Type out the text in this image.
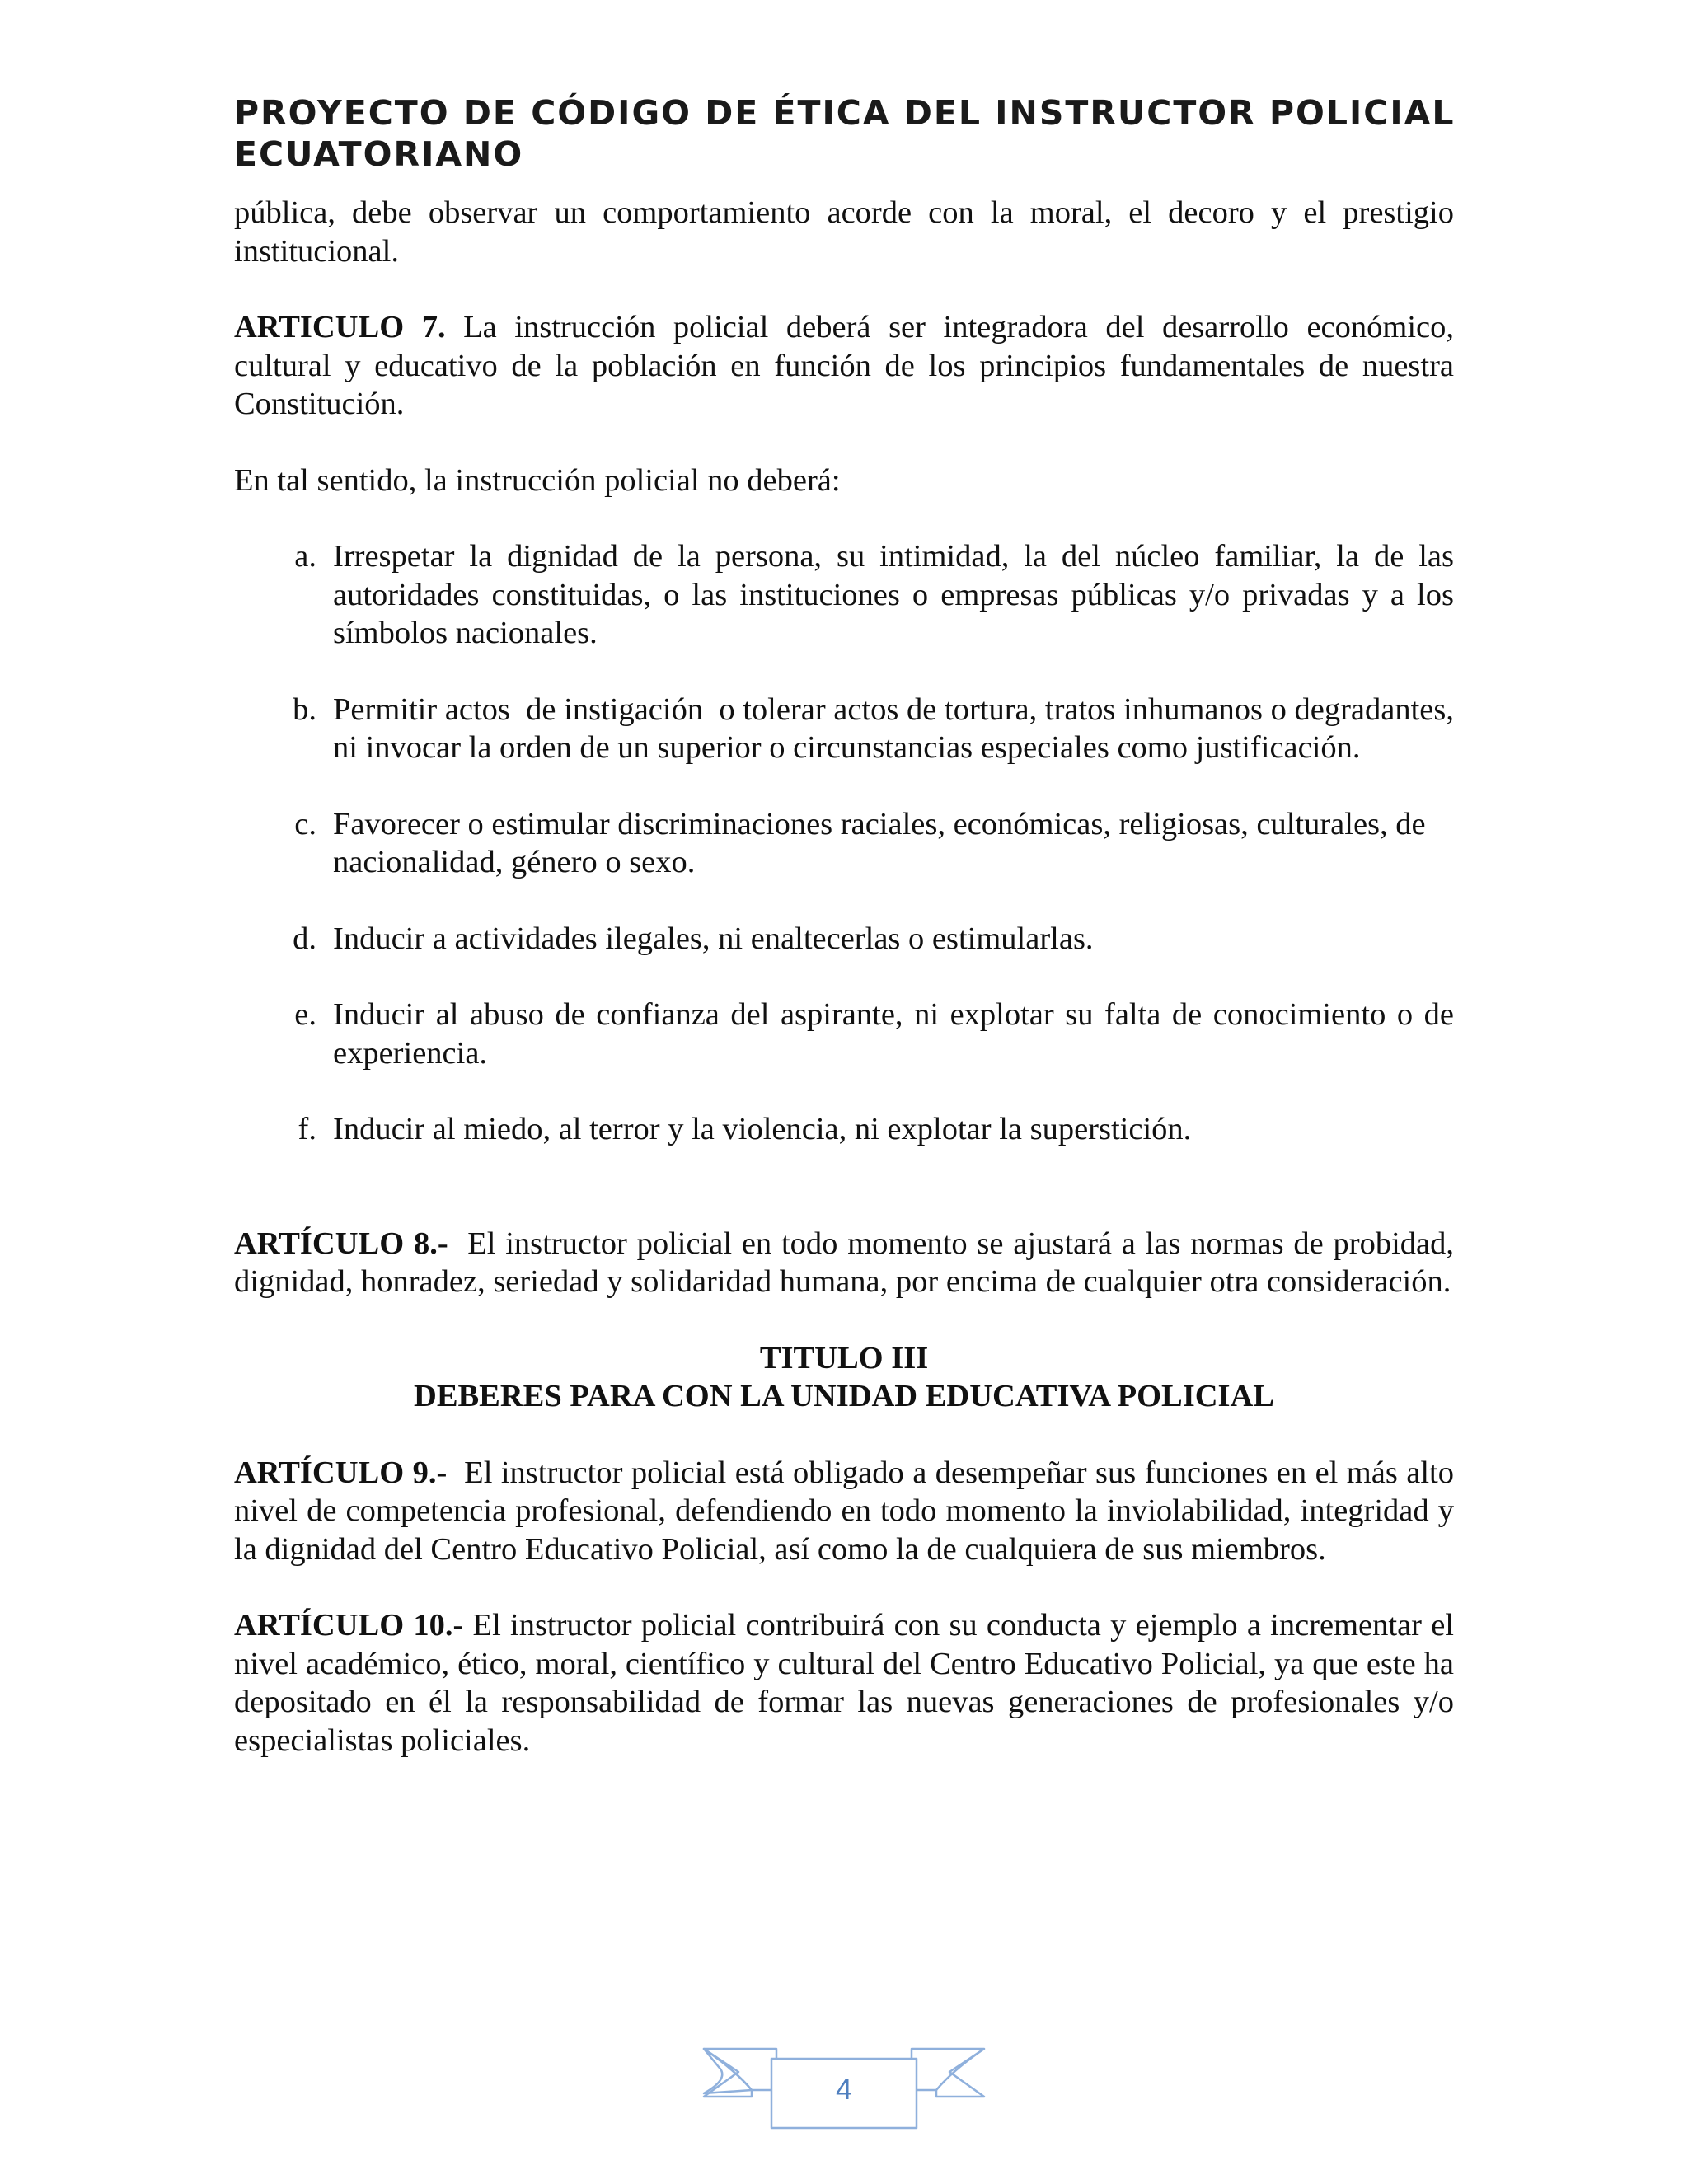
PROYECTO DE CÓDIGO DE ÉTICA DEL INSTRUCTOR POLICIAL
ECUATORIANO

pública, debe observar un comportamiento acorde con la moral, el decoro y el prestigio institucional.

ARTICULO 7. La instrucción policial deberá ser integradora del desarrollo económico, cultural y educativo de la población en función de los principios fundamentales de nuestra Constitución.

En tal sentido, la instrucción policial no deberá:

a. Irrespetar la dignidad de la persona, su intimidad, la del núcleo familiar, la de las autoridades constituidas, o las instituciones o empresas públicas y/o privadas y a los símbolos nacionales.
b. Permitir actos  de instigación  o tolerar actos de tortura, tratos inhumanos o degradantes, ni invocar la orden de un superior o circunstancias especiales como justificación.
c. Favorecer o estimular discriminaciones raciales, económicas, religiosas, culturales, de nacionalidad, género o sexo.
d. Inducir a actividades ilegales, ni enaltecerlas o estimularlas.
e. Inducir al abuso de confianza del aspirante, ni explotar su falta de conocimiento o de experiencia.
f. Inducir al miedo, al terror y la violencia, ni explotar la superstición.

ARTÍCULO 8.-  El instructor policial en todo momento se ajustará a las normas de probidad, dignidad, honradez, seriedad y solidaridad humana, por encima de cualquier otra consideración.

TITULO III
DEBERES PARA CON LA UNIDAD EDUCATIVA POLICIAL

ARTÍCULO 9.-  El instructor policial está obligado a desempeñar sus funciones en el más alto nivel de competencia profesional, defendiendo en todo momento la inviolabilidad, integridad y la dignidad del Centro Educativo Policial, así como la de cualquiera de sus miembros.

ARTÍCULO 10.- El instructor policial contribuirá con su conducta y ejemplo a incrementar el nivel académico, ético, moral, científico y cultural del Centro Educativo Policial, ya que este ha depositado en él la responsabilidad de formar las nuevas generaciones de profesionales y/o especialistas policiales.

4
